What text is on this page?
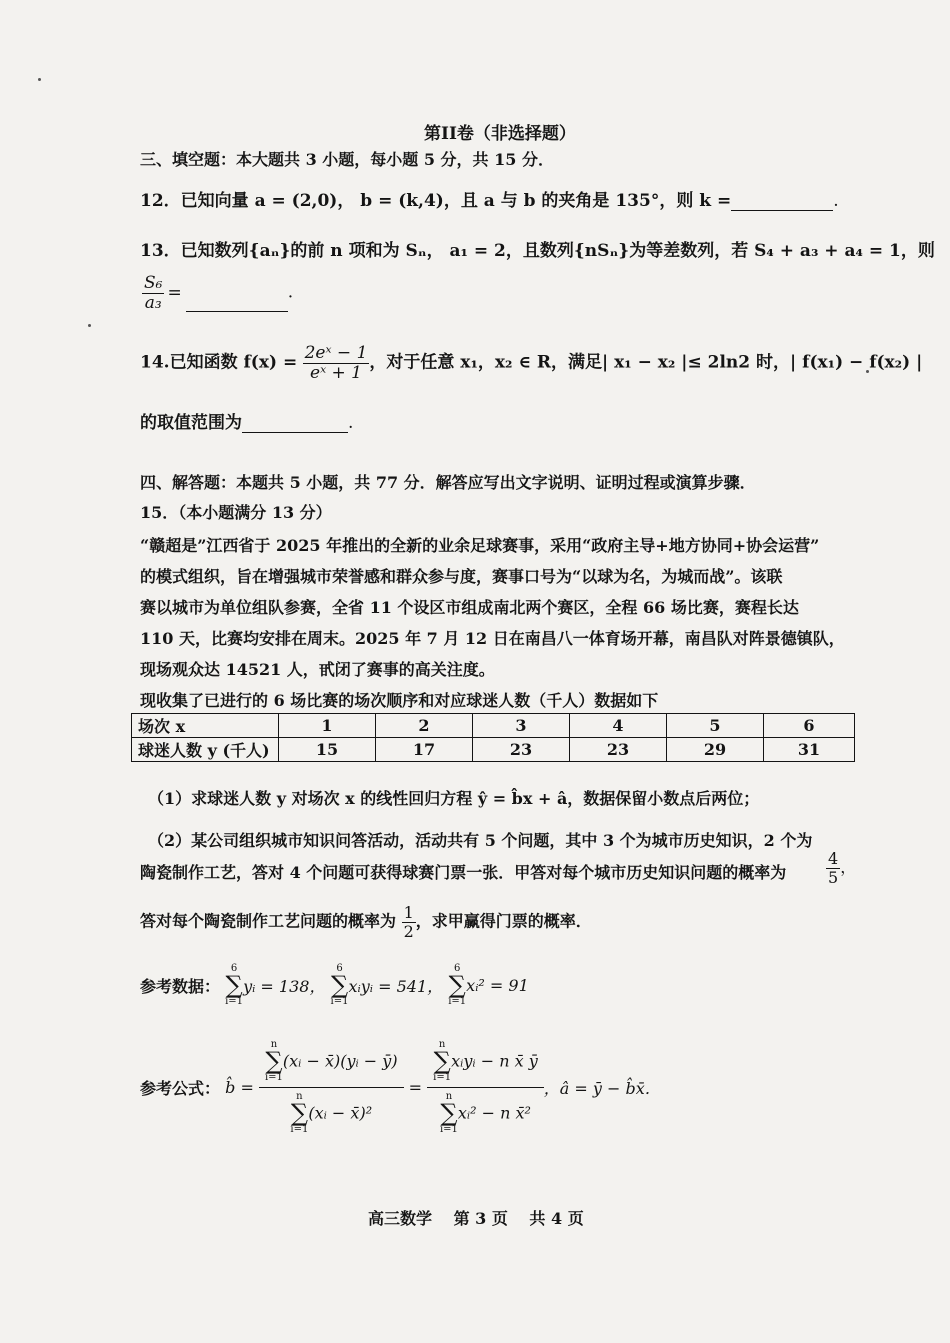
第II卷（非选择题）
三、填空题：本大题共 3 小题，每小题 5 分，共 15 分．
12．已知向量 a = (2,0)， b = (k,4)，且 a 与 b 的夹角是 135°，则 k =	.
13．已知数列{aₙ}的前 n 项和为 Sₙ， a₁ = 2，且数列{nSₙ}为等差数列，若 S₄ + a₃ + a₄ = 1，则
$\frac{\text{S₆}}{\text{a₃}}$ =	.
14.已知函数 $f(x) = \frac{\text{2eˣ − 1}}{\text{eˣ + 1}}$ ，对于任意 x₁，x₂ ∈ R，满足| x₁ − x₂ |≤ 2ln2 时，| f(x₁) − f(x₂) |
的取值范围为	.
四、解答题：本题共 5 小题，共 77 分．解答应写出文字说明、证明过程或演算步骤．
15．（本小题满分 13 分）
“赣超是”江西省于 2025 年推出的全新的业余足球赛事，采用“政府主导+地方协同+协会运营”
的模式组织，旨在增强城市荣誉感和群众参与度，赛事口号为“以球为名，为城而战”。该联
赛以城市为单位组队参赛，全省 11 个设区市组成南北两个赛区，全程 66 场比赛，赛程长达
110 天，比赛均安排在周末。2025 年 7 月 12 日在南昌八一体育场开幕，南昌队对阵景德镇队，
现场观众达 14521 人，甙闭了赛事的高关注度。
现收集了已进行的 6 场比赛的场次顺序和对应球迷人数（千人）数据如下
场次 x	1	2	3	4	5	6
球迷人数 y (千人)	15	17	23	23	29	31
（1）求球迷人数 y 对场次 x 的线性回归方程 ŷ = b̂x + â，数据保留小数点后两位；
（2）某公司组织城市知识问答活动，活动共有 5 个问题，其中 3 个为城市历史知识，2 个为
陶瓷制作工艺，答对 4 个问题可获得球赛门票一张．甲答对每个城市历史知识问题的概率为 $\frac{4}{5}$ ，
答对每个陶瓷制作工艺问题的概率为 $\frac{1}{2}$ ，求甲赢得门票的概率．
参考数据：
6
∑
i=1
yᵢ = 138，
6
∑
i=1
xᵢyᵢ = 541，
6
∑
i=1
xᵢ² = 91
参考公式： b̂ = n
∑
i=1
(xᵢ − x̄)(yᵢ − ȳ)
n
∑
i=1
(xᵢ − x̄)² = n
∑
i=1
xᵢyᵢ − n x̄ ȳ
n
∑
i=1
xᵢ² − n x̄² ，â = ȳ − b̂x̄．
高三数学　 第 3 页　 共 4 页
